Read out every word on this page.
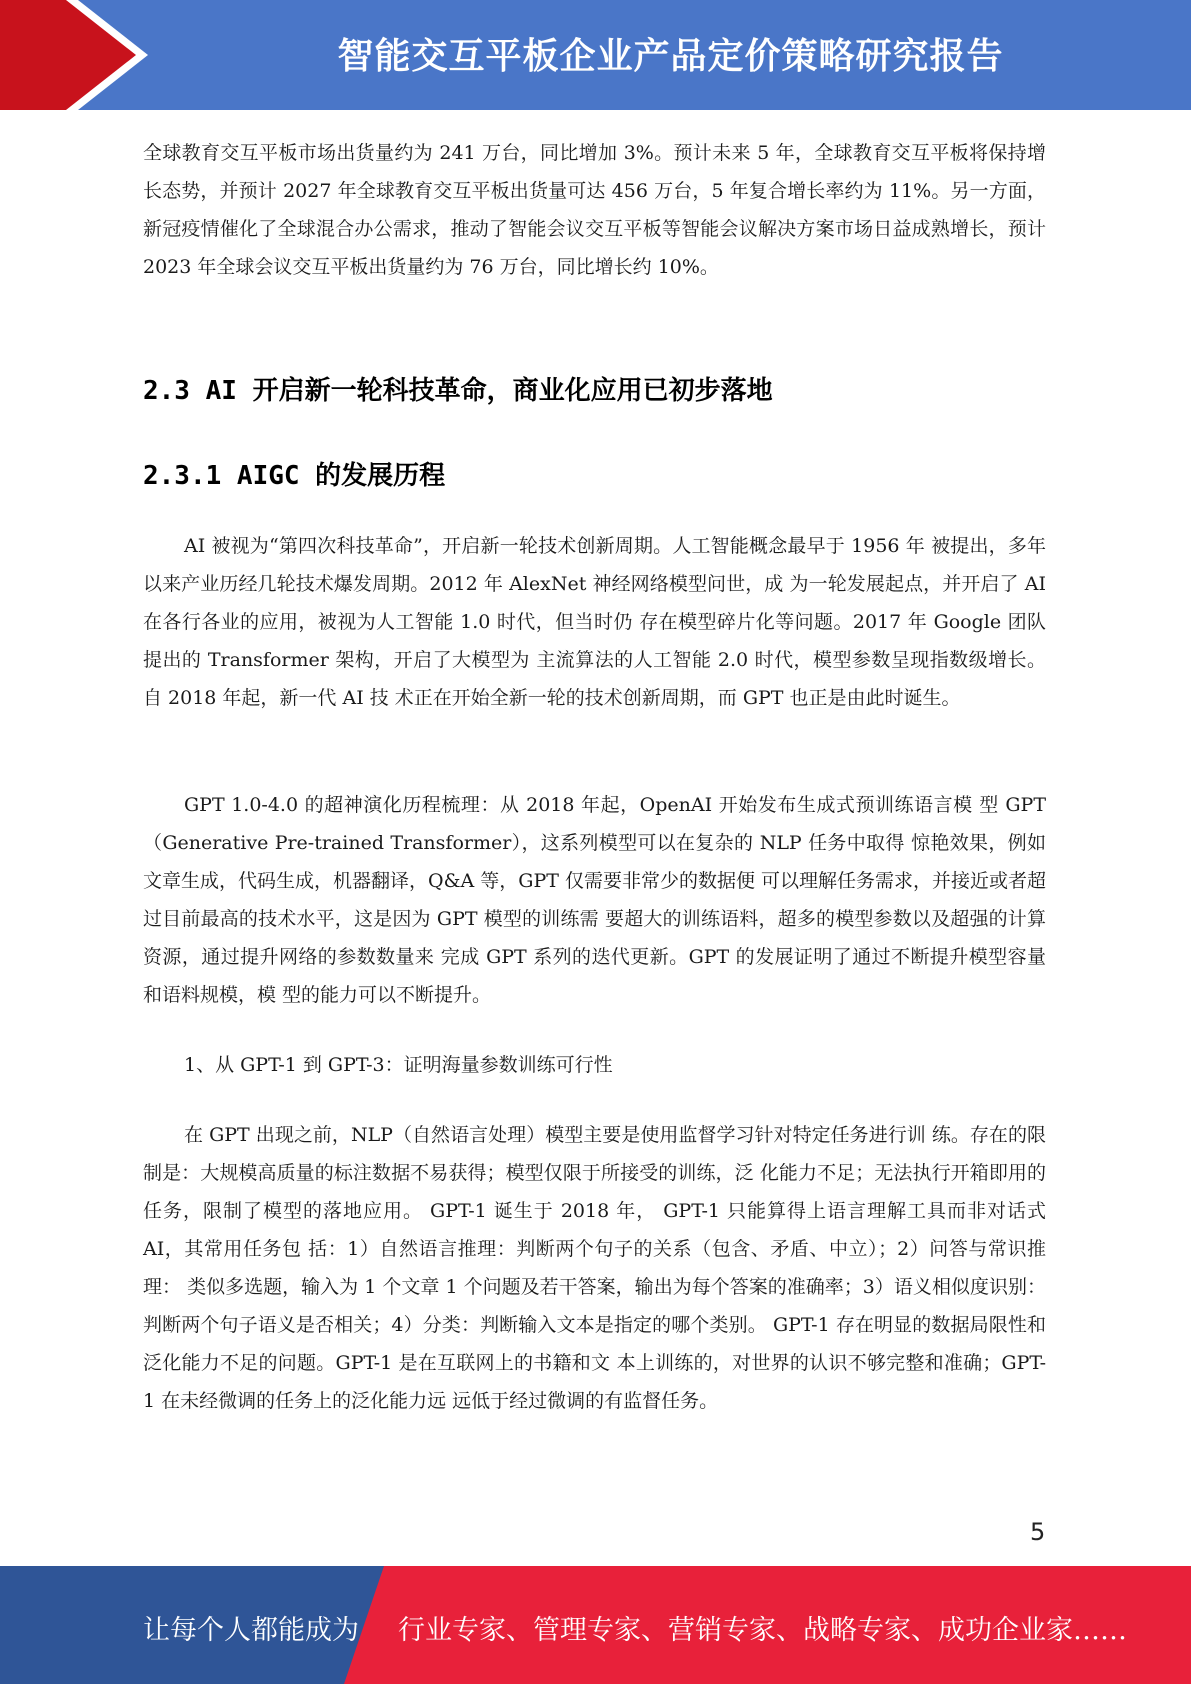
智能交互平板企业产品定价策略研究报告

全球教育交互平板市场出货量约为 241 万台，同比增加 3%。预计未来 5 年，全球教育交互平板将保持增长态势，并预计 2027 年全球教育交互平板出货量可达 456 万台，5 年复合增长率约为 11%。另一方面，新冠疫情催化了全球混合办公需求，推动了智能会议交互平板等智能会议解决方案市场日益成熟增长，预计 2023 年全球会议交互平板出货量约为 76 万台，同比增长约 10%。

2.3 AI 开启新一轮科技革命，商业化应用已初步落地
2.3.1 AIGC 的发展历程

AI 被视为“第四次科技革命”，开启新一轮技术创新周期。人工智能概念最早于 1956 年 被提出，多年以来产业历经几轮技术爆发周期。2012 年 AlexNet 神经网络模型问世，成 为一轮发展起点，并开启了 AI 在各行各业的应用，被视为人工智能 1.0 时代，但当时仍 存在模型碎片化等问题。2017 年 Google 团队提出的 Transformer 架构，开启了大模型为 主流算法的人工智能 2.0 时代，模型参数呈现指数级增长。自 2018 年起，新一代 AI 技 术正在开始全新一轮的技术创新周期，而 GPT 也正是由此时诞生。

GPT 1.0-4.0 的超神演化历程梳理：从 2018 年起，OpenAI 开始发布生成式预训练语言模 型 GPT（Generative Pre-trained Transformer），这系列模型可以在复杂的 NLP 任务中取得 惊艳效果，例如文章生成，代码生成，机器翻译，Q&A 等，GPT 仅需要非常少的数据便 可以理解任务需求，并接近或者超过目前最高的技术水平，这是因为 GPT 模型的训练需 要超大的训练语料，超多的模型参数以及超强的计算资源，通过提升网络的参数数量来 完成 GPT 系列的迭代更新。GPT 的发展证明了通过不断提升模型容量和语料规模，模 型的能力可以不断提升。

1、从 GPT-1 到 GPT-3：证明海量参数训练可行性

在 GPT 出现之前，NLP（自然语言处理）模型主要是使用监督学习针对特定任务进行训 练。存在的限制是：大规模高质量的标注数据不易获得；模型仅限于所接受的训练，泛 化能力不足；无法执行开箱即用的任务，限制了模型的落地应用。 GPT-1 诞生于 2018 年， GPT-1 只能算得上语言理解工具而非对话式 AI，其常用任务包 括：1）自然语言推理：判断两个句子的关系（包含、矛盾、中立）；2）问答与常识推理： 类似多选题，输入为 1 个文章 1 个问题及若干答案，输出为每个答案的准确率；3）语义相似度识别：判断两个句子语义是否相关；4）分类：判断输入文本是指定的哪个类别。 GPT-1 存在明显的数据局限性和泛化能力不足的问题。GPT-1 是在互联网上的书籍和文 本上训练的，对世界的认识不够完整和准确；GPT-1 在未经微调的任务上的泛化能力远 远低于经过微调的有监督任务。

5
让每个人都能成为 行业专家、管理专家、营销专家、战略专家、成功企业家……
